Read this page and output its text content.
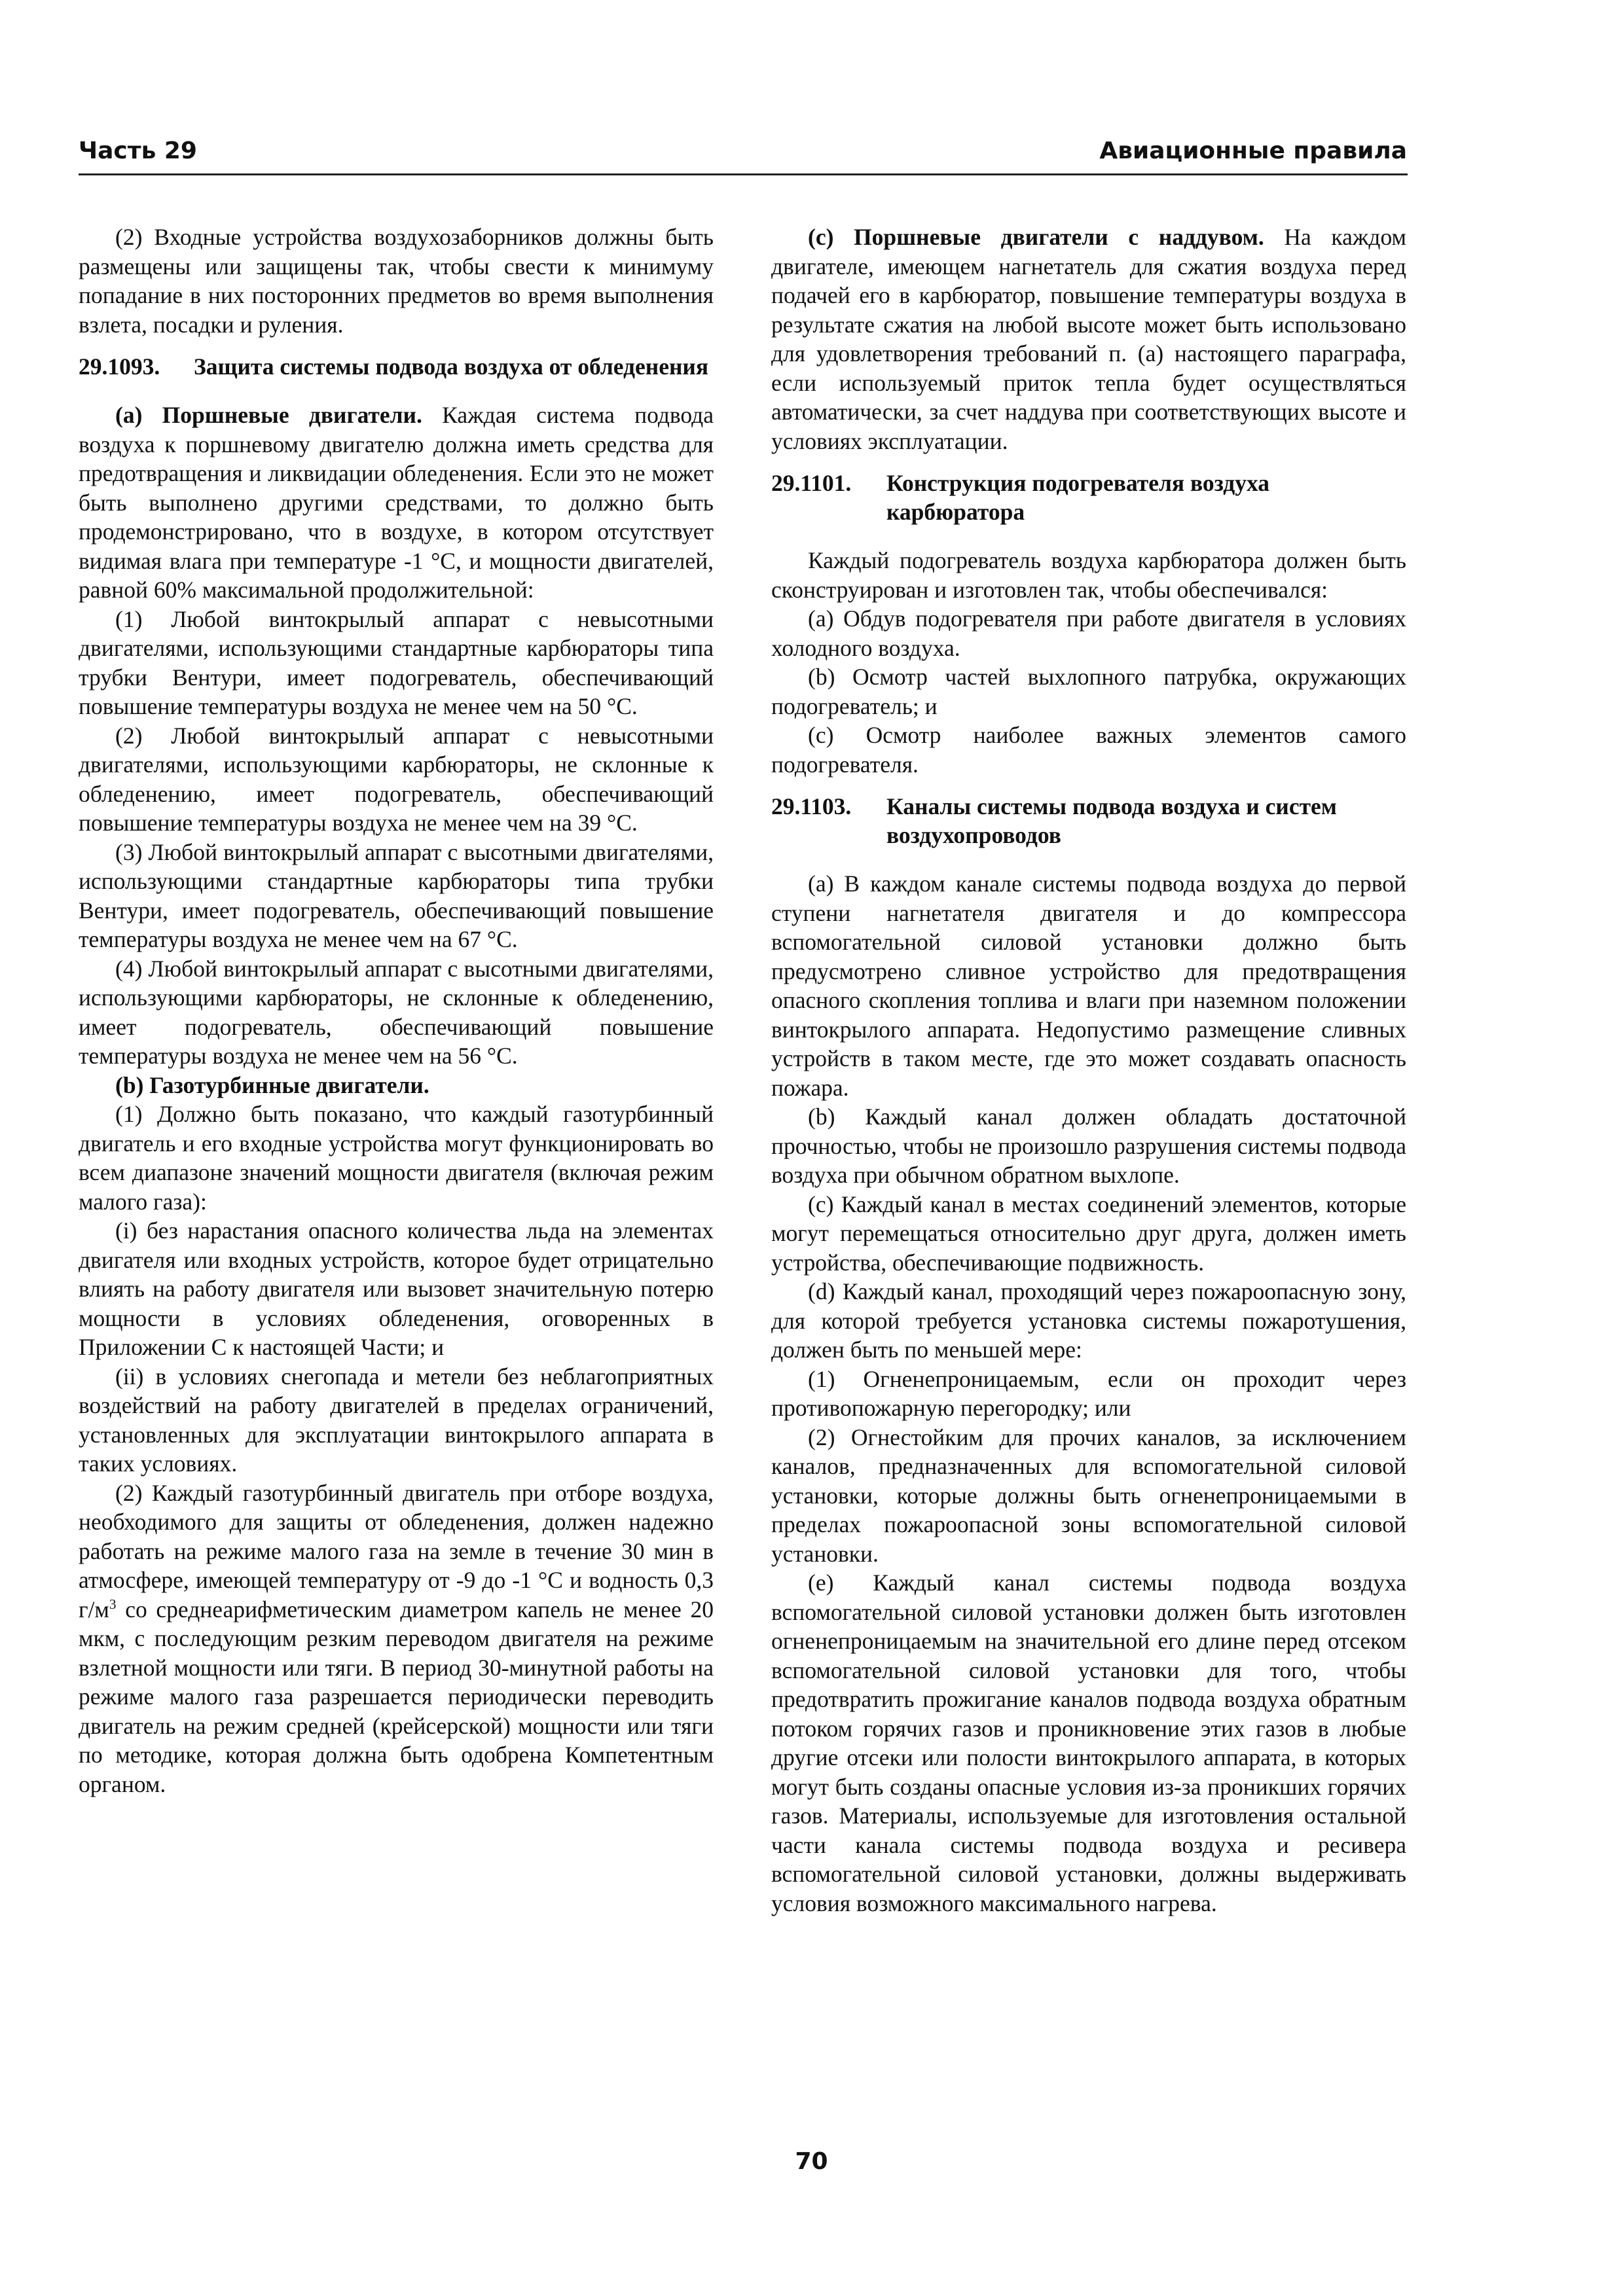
Часть 29	Авиационные правила

(2) Входные устройства воздухозаборников должны быть размещены или защищены так, чтобы свести к минимуму попадание в них посторонних предметов во время выполнения взлета, посадки и руления.

29.1093.	Защита системы подвода воздуха от обледенения

(a) Поршневые двигатели. Каждая система подвода воздуха к поршневому двигателю должна иметь средства для предотвращения и ликвидации обледенения. Если это не может быть выполнено другими средствами, то должно быть продемонстрировано, что в воздухе, в котором отсутствует видимая влага при температуре -1 °С, и мощности двигателей, равной 60% максимальной продолжительной:

(1) Любой винтокрылый аппарат с невысотными двигателями, использующими стандартные карбюраторы типа трубки Вентури, имеет подогреватель, обеспечивающий повышение температуры воздуха не менее чем на 50 °С.

(2) Любой винтокрылый аппарат с невысотными двигателями, использующими карбюраторы, не склонные к обледенению, имеет подогреватель, обеспечивающий повышение температуры воздуха не менее чем на 39 °С.

(3) Любой винтокрылый аппарат с высотными двигателями, использующими стандартные карбюраторы типа трубки Вентури, имеет подогреватель, обеспечивающий повышение температуры воздуха не менее чем на 67 °С.

(4) Любой винтокрылый аппарат с высотными двигателями, использующими карбюраторы, не склонные к обледенению, имеет подогреватель, обеспечивающий повышение температуры воздуха не менее чем на 56 °С.

(b) Газотурбинные двигатели.

(1) Должно быть показано, что каждый газотурбинный двигатель и его входные устройства могут функционировать во всем диапазоне значений мощности двигателя (включая режим малого газа):

(i) без нарастания опасного количества льда на элементах двигателя или входных устройств, которое будет отрицательно влиять на работу двигателя или вызовет значительную потерю мощности в условиях обледенения, оговоренных в Приложении С к настоящей Части; и

(ii) в условиях снегопада и метели без неблагоприятных воздействий на работу двигателей в пределах ограничений, установленных для эксплуатации винтокрылого аппарата в таких условиях.

(2) Каждый газотурбинный двигатель при отборе воздуха, необходимого для защиты от обледенения, должен надежно работать на режиме малого газа на земле в течение 30 мин в атмосфере, имеющей температуру от -9 до -1 °С и водность 0,3 $г/м^3$ со среднеарифметическим диаметром капель не менее 20 мкм, с последующим резким переводом двигателя на режиме взлетной мощности или тяги. В период 30-минутной работы на режиме малого газа разрешается периодически переводить двигатель на режим средней (крейсерской) мощности или тяги по методике, которая должна быть одобрена Компетентным органом.

(c) Поршневые двигатели с наддувом. На каждом двигателе, имеющем нагнетатель для сжатия воздуха перед подачей его в карбюратор, повышение температуры воздуха в результате сжатия на любой высоте может быть использовано для удовлетворения требований п. (a) настоящего параграфа, если используемый приток тепла будет осуществляться автоматически, за счет наддува при соответствующих высоте и условиях эксплуатации.

29.1101.	Конструкция подогревателя воздуха карбюратора

Каждый подогреватель воздуха карбюратора должен быть сконструирован и изготовлен так, чтобы обеспечивался:

(a) Обдув подогревателя при работе двигателя в условиях холодного воздуха.

(b) Осмотр частей выхлопного патрубка, окружающих подогреватель; и

(c) Осмотр наиболее важных элементов самого подогревателя.

29.1103.	Каналы системы подвода воздуха и систем воздухопроводов

(a) В каждом канале системы подвода воздуха до первой ступени нагнетателя двигателя и до компрессора вспомогательной силовой установки должно быть предусмотрено сливное устройство для предотвращения опасного скопления топлива и влаги при наземном положении винтокрылого аппарата. Недопустимо размещение сливных устройств в таком месте, где это может создавать опасность пожара.

(b) Каждый канал должен обладать достаточной прочностью, чтобы не произошло разрушения системы подвода воздуха при обычном обратном выхлопе.

(c) Каждый канал в местах соединений элементов, которые могут перемещаться относительно друг друга, должен иметь устройства, обеспечивающие подвижность.

(d) Каждый канал, проходящий через пожароопасную зону, для которой требуется установка системы пожаротушения, должен быть по меньшей мере:

(1) Огненепроницаемым, если он проходит через противопожарную перегородку; или

(2) Огнестойким для прочих каналов, за исключением каналов, предназначенных для вспомогательной силовой установки, которые должны быть огненепроницаемыми в пределах пожароопасной зоны вспомогательной силовой установки.

(e) Каждый канал системы подвода воздуха вспомогательной силовой установки должен быть изготовлен огненепроницаемым на значительной его длине перед отсеком вспомогательной силовой установки для того, чтобы предотвратить прожигание каналов подвода воздуха обратным потоком горячих газов и проникновение этих газов в любые другие отсеки или полости винтокрылого аппарата, в которых могут быть созданы опасные условия из-за проникших горячих газов. Материалы, используемые для изготовления остальной части канала системы подвода воздуха и ресивера вспомогательной силовой установки, должны выдерживать условия возможного максимального нагрева.

70
